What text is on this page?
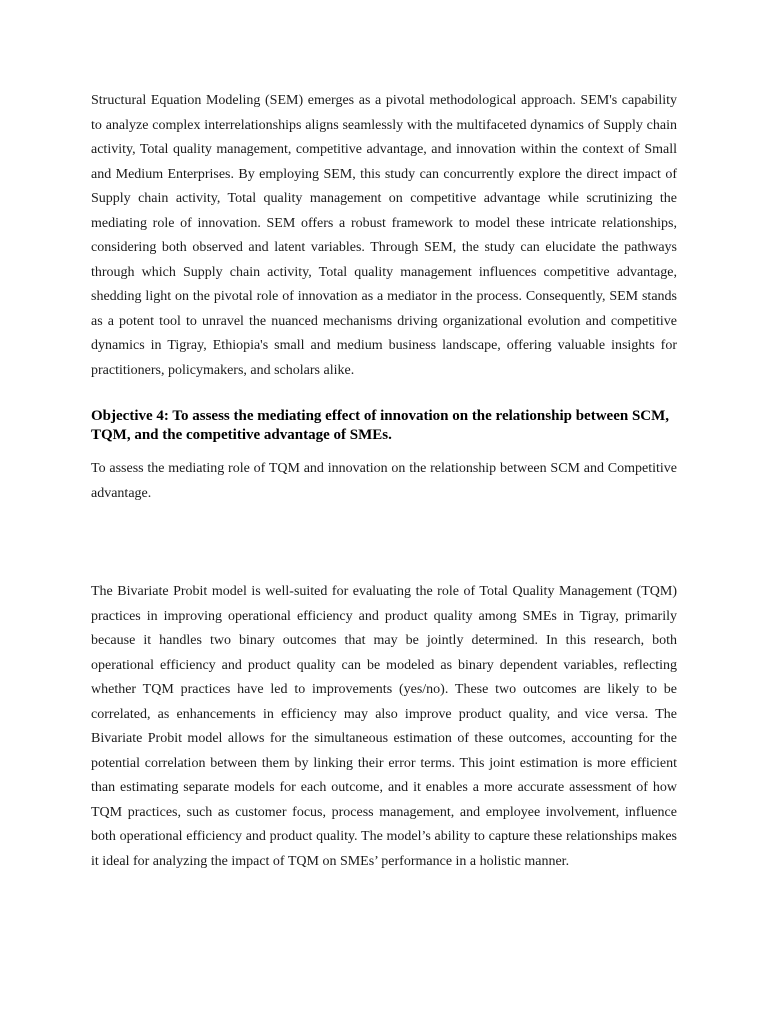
Structural Equation Modeling (SEM) emerges as a pivotal methodological approach. SEM's capability to analyze complex interrelationships aligns seamlessly with the multifaceted dynamics of Supply chain activity, Total quality management, competitive advantage, and innovation within the context of Small and Medium Enterprises. By employing SEM, this study can concurrently explore the direct impact of Supply chain activity, Total quality management on competitive advantage while scrutinizing the mediating role of innovation. SEM offers a robust framework to model these intricate relationships, considering both observed and latent variables. Through SEM, the study can elucidate the pathways through which Supply chain activity, Total quality management influences competitive advantage, shedding light on the pivotal role of innovation as a mediator in the process. Consequently, SEM stands as a potent tool to unravel the nuanced mechanisms driving organizational evolution and competitive dynamics in Tigray, Ethiopia's small and medium business landscape, offering valuable insights for practitioners, policymakers, and scholars alike.

Objective 4: To assess the mediating effect of innovation on the relationship between SCM, TQM, and the competitive advantage of SMEs.

To assess the mediating role of TQM and innovation on the relationship between SCM and Competitive advantage.

The Bivariate Probit model is well-suited for evaluating the role of Total Quality Management (TQM) practices in improving operational efficiency and product quality among SMEs in Tigray, primarily because it handles two binary outcomes that may be jointly determined. In this research, both operational efficiency and product quality can be modeled as binary dependent variables, reflecting whether TQM practices have led to improvements (yes/no). These two outcomes are likely to be correlated, as enhancements in efficiency may also improve product quality, and vice versa. The Bivariate Probit model allows for the simultaneous estimation of these outcomes, accounting for the potential correlation between them by linking their error terms. This joint estimation is more efficient than estimating separate models for each outcome, and it enables a more accurate assessment of how TQM practices, such as customer focus, process management, and employee involvement, influence both operational efficiency and product quality. The model’s ability to capture these relationships makes it ideal for analyzing the impact of TQM on SMEs’ performance in a holistic manner.
